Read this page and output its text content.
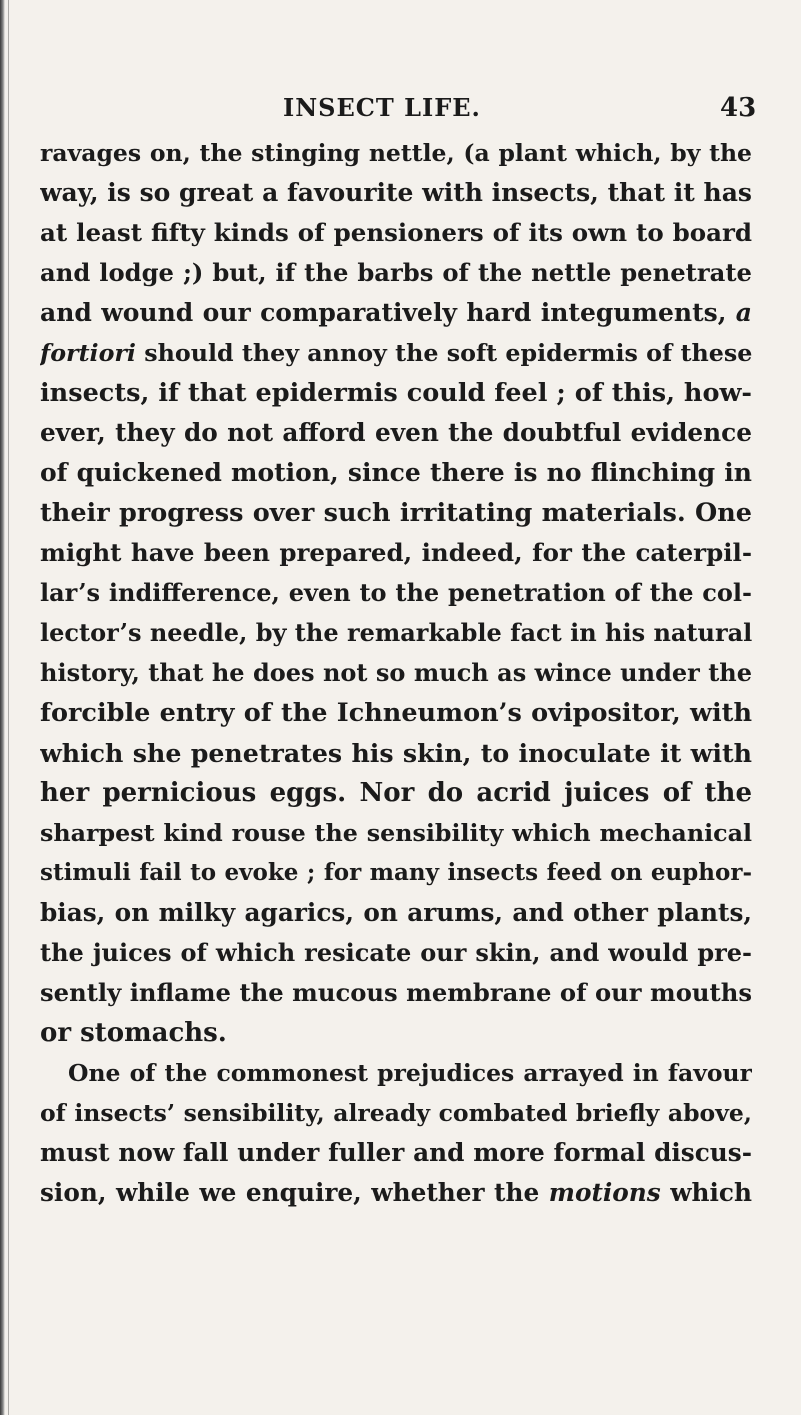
INSECT LIFE.	43
ravages on, the stinging nettle, (a plant which, by the
way, is so great a favourite with insects, that it has
at least fifty kinds of pensioners of its own to board
and lodge ;) but, if the barbs of the nettle penetrate
and wound our comparatively hard integuments, a
fortiori should they annoy the soft epidermis of these
insects, if that epidermis could feel ; of this, how-
ever, they do not afford even the doubtful evidence
of quickened motion, since there is no flinching in
their progress over such irritating materials. One
might have been prepared, indeed, for the caterpil-
lar’s indifference, even to the penetration of the col-
lector’s needle, by the remarkable fact in his natural
history, that he does not so much as wince under the
forcible entry of the Ichneumon’s ovipositor, with
which she penetrates his skin, to inoculate it with
her pernicious eggs. Nor do acrid juices of the
sharpest kind rouse the sensibility which mechanical
stimuli fail to evoke ; for many insects feed on euphor-
bias, on milky agarics, on arums, and other plants,
the juices of which resicate our skin, and would pre-
sently inflame the mucous membrane of our mouths
or stomachs.
One of the commonest prejudices arrayed in favour
of insects’ sensibility, already combated briefly above,
must now fall under fuller and more formal discus-
sion, while we enquire, whether the motions which
